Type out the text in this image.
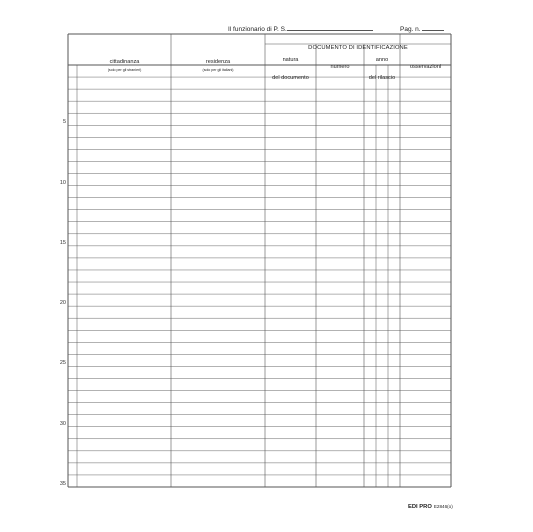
Il funzionario di P. S.	Pag. n.
DOCUMENTO DI IDENTIFICAZIONE
cittadinanza
(solo per gli stranieri)
residenza
(solo per gli italiani)
natura
del documento
numero
anno
del rilascio
osservazioni
5
10
15
20
25
30
35
EDI PRO E2846(o)
